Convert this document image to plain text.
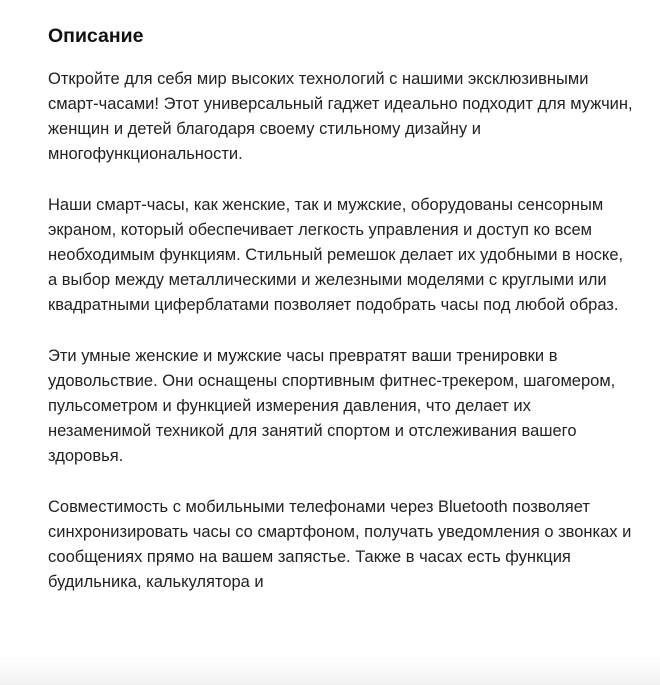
Описание

Откройте для себя мир высоких технологий с нашими эксклюзивными смарт-часами! Этот универсальный гаджет идеально подходит для мужчин, женщин и детей благодаря своему стильному дизайну и многофункциональности.

Наши смарт-часы, как женские, так и мужские, оборудованы сенсорным экраном, который обеспечивает легкость управления и доступ ко всем необходимым функциям. Стильный ремешок делает их удобными в носке, а выбор между металлическими и железными моделями с круглыми или квадратными циферблатами позволяет подобрать часы под любой образ.

Эти умные женские и мужские часы превратят ваши тренировки в удовольствие. Они оснащены спортивным фитнес-трекером, шагомером, пульсометром и функцией измерения давления, что делает их незаменимой техникой для занятий спортом и отслеживания вашего здоровья.

Совместимость с мобильными телефонами через Bluetooth позволяет синхронизировать часы со смартфоном, получать уведомления о звонках и сообщениях прямо на вашем запястье. Также в часах есть функция будильника, калькулятора и
